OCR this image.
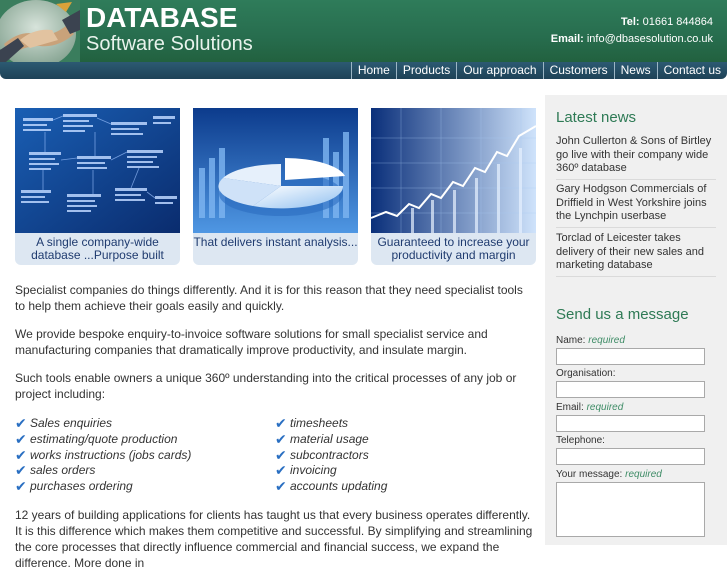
DATABASE
Software Solutions
Tel: 01661 844864
Email: info@dbasesolution.co.uk
Home	Products	Our approach	Customers	News	Contact us
A single company-wide database ...Purpose built
That delivers instant analysis...	Guaranteed to increase your productivity and margin
Specialist companies do things differently. And it is for this reason that they need specialist tools to help them achieve their goals easily and quickly.
We provide bespoke enquiry-to-invoice software solutions for small specialist service and manufacturing companies that dramatically improve productivity, and insulate margin.
Such tools enable owners a unique 360º understanding into the critical processes of any job or project including:
✔ Sales enquiries
✔ estimating/quote production
✔ works instructions (jobs cards)
✔ sales orders
✔ purchases ordering
✔ timesheets
✔ material usage
✔ subcontractors
✔ invoicing
✔ accounts updating
12 years of building applications for clients has taught us that every business operates differently. It is this difference which makes them competitive and successful. By simplifying and streamlining the core processes that directly influence commercial and financial success, we expand the difference. More done in
Latest news
John Cullerton & Sons of Birtley go live with their company wide 360º database
Gary Hodgson Commercials of Driffield in West Yorkshire joins the Lynchpin userbase
Torclad of Leicester takes delivery of their new sales and marketing database
Send us a message
Name: required
Organisation:
Email: required
Telephone:
Your message: required
